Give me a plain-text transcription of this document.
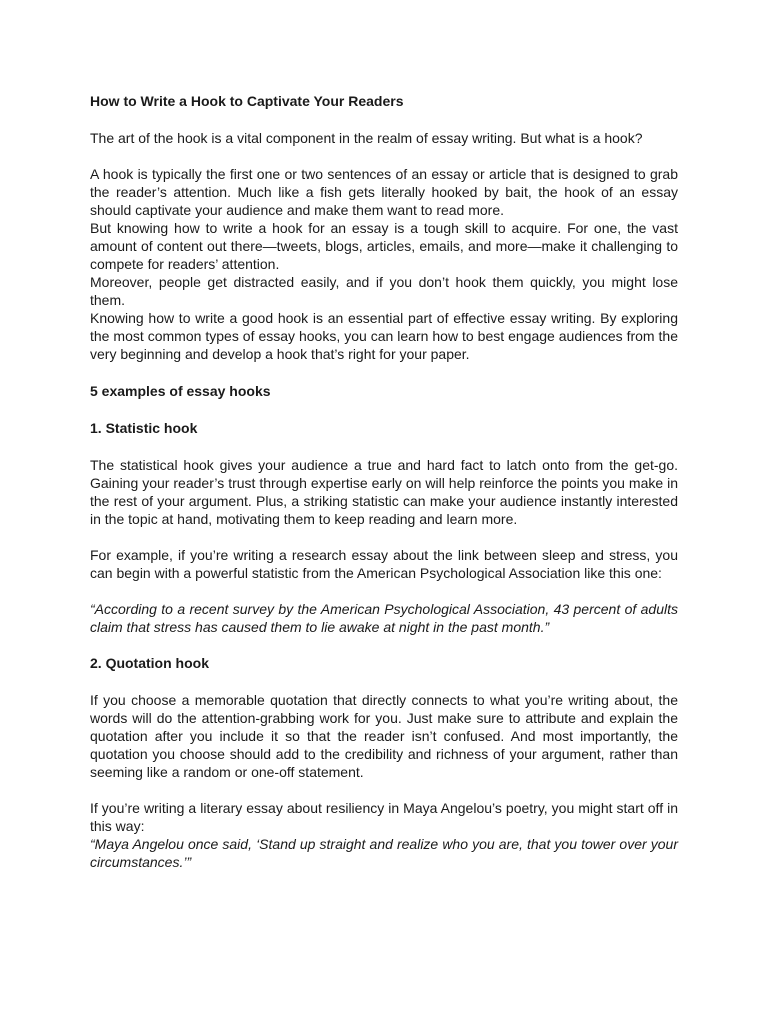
How to Write a Hook to Captivate Your Readers

The art of the hook is a vital component in the realm of essay writing. But what is a hook?

A hook is typically the first one or two sentences of an essay or article that is designed to grab the reader’s attention. Much like a fish gets literally hooked by bait, the hook of an essay should captivate your audience and make them want to read more.

But knowing how to write a hook for an essay is a tough skill to acquire. For one, the vast amount of content out there—tweets, blogs, articles, emails, and more—make it challenging to compete for readers’ attention.

Moreover, people get distracted easily, and if you don’t hook them quickly, you might lose them.

Knowing how to write a good hook is an essential part of effective essay writing. By exploring the most common types of essay hooks, you can learn how to best engage audiences from the very beginning and develop a hook that’s right for your paper.

5 examples of essay hooks

1. Statistic hook

The statistical hook gives your audience a true and hard fact to latch onto from the get-go. Gaining your reader’s trust through expertise early on will help reinforce the points you make in the rest of your argument. Plus, a striking statistic can make your audience instantly interested in the topic at hand, motivating them to keep reading and learn more.

For example, if you’re writing a research essay about the link between sleep and stress, you can begin with a powerful statistic from the American Psychological Association like this one:

“According to a recent survey by the American Psychological Association, 43 percent of adults claim that stress has caused them to lie awake at night in the past month.”

2. Quotation hook

If you choose a memorable quotation that directly connects to what you’re writing about, the words will do the attention-grabbing work for you. Just make sure to attribute and explain the quotation after you include it so that the reader isn’t confused. And most importantly, the quotation you choose should add to the credibility and richness of your argument, rather than seeming like a random or one-off statement.

If you’re writing a literary essay about resiliency in Maya Angelou’s poetry, you might start off in this way:

“Maya Angelou once said, ‘Stand up straight and realize who you are, that you tower over your circumstances.’”
